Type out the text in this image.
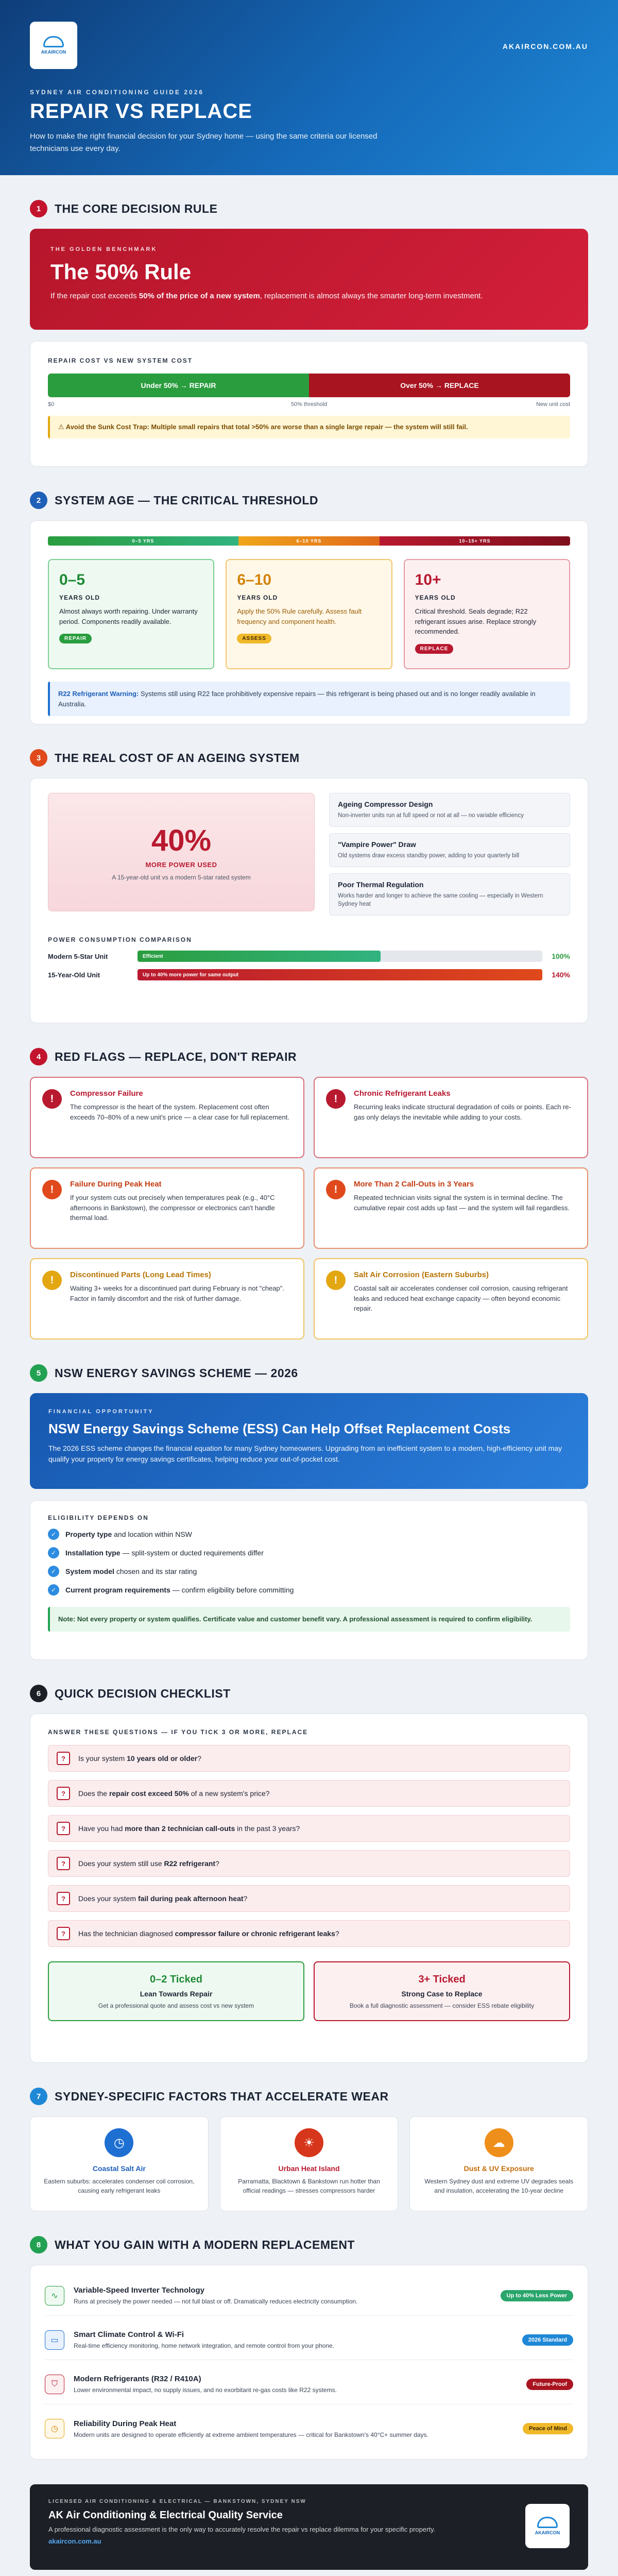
AKAIRCON
AKAIRCON.COM.AU
SYDNEY AIR CONDITIONING GUIDE 2026
REPAIR VS REPLACE

How to make the right financial decision for your Sydney home — using the same criteria our licensed technicians use every day.

1	THE CORE DECISION RULE
THE GOLDEN BENCHMARK
The 50% Rule
If the repair cost exceeds 50% of the price of a new system, replacement is almost always the smarter long-term investment.
REPAIR COST VS NEW SYSTEM COST
Under 50% → REPAIR	Over 50% → REPLACE
$0	50% threshold	New unit cost
⚠ Avoid the Sunk Cost Trap: Multiple small repairs that total >50% are worse than a single large repair — the system will still fail.
2	SYSTEM AGE — THE CRITICAL THRESHOLD
0–5 YRS	6–10 YRS	10–15+ YRS
0–5
YEARS OLD
Almost always worth repairing. Under warranty period. Components readily available.
REPAIR
6–10
YEARS OLD
Apply the 50% Rule carefully. Assess fault frequency and component health.
ASSESS
10+
YEARS OLD
Critical threshold. Seals degrade; R22 refrigerant issues arise. Replace strongly recommended.
REPLACE
R22 Refrigerant Warning: Systems still using R22 face prohibitively expensive repairs — this refrigerant is being phased out and is no longer readily available in Australia.
3	THE REAL COST OF AN AGEING SYSTEM
40%
MORE POWER USED
A 15-year-old unit vs a modern 5-star rated system
Ageing Compressor Design
Non-inverter units run at full speed or not at all — no variable efficiency
"Vampire Power" Draw
Old systems draw excess standby power, adding to your quarterly bill
Poor Thermal Regulation
Works harder and longer to achieve the same cooling — especially in Western Sydney heat
POWER CONSUMPTION COMPARISON
Modern 5-Star Unit	Efficient	100%
15-Year-Old Unit	Up to 40% more power for same output	140%
4	RED FLAGS — REPLACE, DON'T REPAIR
!	Compressor Failure
The compressor is the heart of the system. Replacement cost often exceeds 70–80% of a new unit's price — a clear case for full replacement.
!	Chronic Refrigerant Leaks
Recurring leaks indicate structural degradation of coils or points. Each re-gas only delays the inevitable while adding to your costs.
!	Failure During Peak Heat
If your system cuts out precisely when temperatures peak (e.g., 40°C afternoons in Bankstown), the compressor or electronics can't handle thermal load.
!	More Than 2 Call-Outs in 3 Years
Repeated technician visits signal the system is in terminal decline. The cumulative repair cost adds up fast — and the system will fail regardless.
!	Discontinued Parts (Long Lead Times)
Waiting 3+ weeks for a discontinued part during February is not "cheap". Factor in family discomfort and the risk of further damage.
!	Salt Air Corrosion (Eastern Suburbs)
Coastal salt air accelerates condenser coil corrosion, causing refrigerant leaks and reduced heat exchange capacity — often beyond economic repair.
5	NSW ENERGY SAVINGS SCHEME — 2026
FINANCIAL OPPORTUNITY
NSW Energy Savings Scheme (ESS) Can Help Offset Replacement Costs
The 2026 ESS scheme changes the financial equation for many Sydney homeowners. Upgrading from an inefficient system to a modern, high-efficiency unit may qualify your property for energy savings certificates, helping reduce your out-of-pocket cost.
ELIGIBILITY DEPENDS ON
✓	Property type and location within NSW
✓	Installation type — split-system or ducted requirements differ
✓	System model chosen and its star rating
✓	Current program requirements — confirm eligibility before committing
Note: Not every property or system qualifies. Certificate value and customer benefit vary. A professional assessment is required to confirm eligibility.
6	QUICK DECISION CHECKLIST
ANSWER THESE QUESTIONS — IF YOU TICK 3 OR MORE, REPLACE
?	Is your system 10 years old or older?
?	Does the repair cost exceed 50% of a new system's price?
?	Have you had more than 2 technician call-outs in the past 3 years?
?	Does your system still use R22 refrigerant?
?	Does your system fail during peak afternoon heat?
?	Has the technician diagnosed compressor failure or chronic refrigerant leaks?
0–2 Ticked
Lean Towards Repair
Get a professional quote and assess cost vs new system
3+ Ticked
Strong Case to Replace
Book a full diagnostic assessment — consider ESS rebate eligibility
7	SYDNEY-SPECIFIC FACTORS THAT ACCELERATE WEAR
◷
Coastal Salt Air
Eastern suburbs: accelerates condenser coil corrosion, causing early refrigerant leaks
☀
Urban Heat Island
Parramatta, Blacktown & Bankstown run hotter than official readings — stresses compressors harder
☁
Dust & UV Exposure
Western Sydney dust and extreme UV degrades seals and insulation, accelerating the 10-year decline
8	WHAT YOU GAIN WITH A MODERN REPLACEMENT
∿
Variable-Speed Inverter Technology
Runs at precisely the power needed — not full blast or off. Dramatically reduces electricity consumption.
Up to 40% Less Power
▭
Smart Climate Control & Wi-Fi
Real-time efficiency monitoring, home network integration, and remote control from your phone.
2026 Standard
⛉
Modern Refrigerants (R32 / R410A)
Lower environmental impact, no supply issues, and no exorbitant re-gas costs like R22 systems.
Future-Proof
◷
Reliability During Peak Heat
Modern units are designed to operate efficiently at extreme ambient temperatures — critical for Bankstown's 40°C+ summer days.
Peace of Mind
LICENSED AIR CONDITIONING & ELECTRICAL — BANKSTOWN, SYDNEY NSW
AK Air Conditioning & Electrical Quality Service
A professional diagnostic assessment is the only way to accurately resolve the repair vs replace dilemma for your specific property.
akaircon.com.au
AKAIRCON
